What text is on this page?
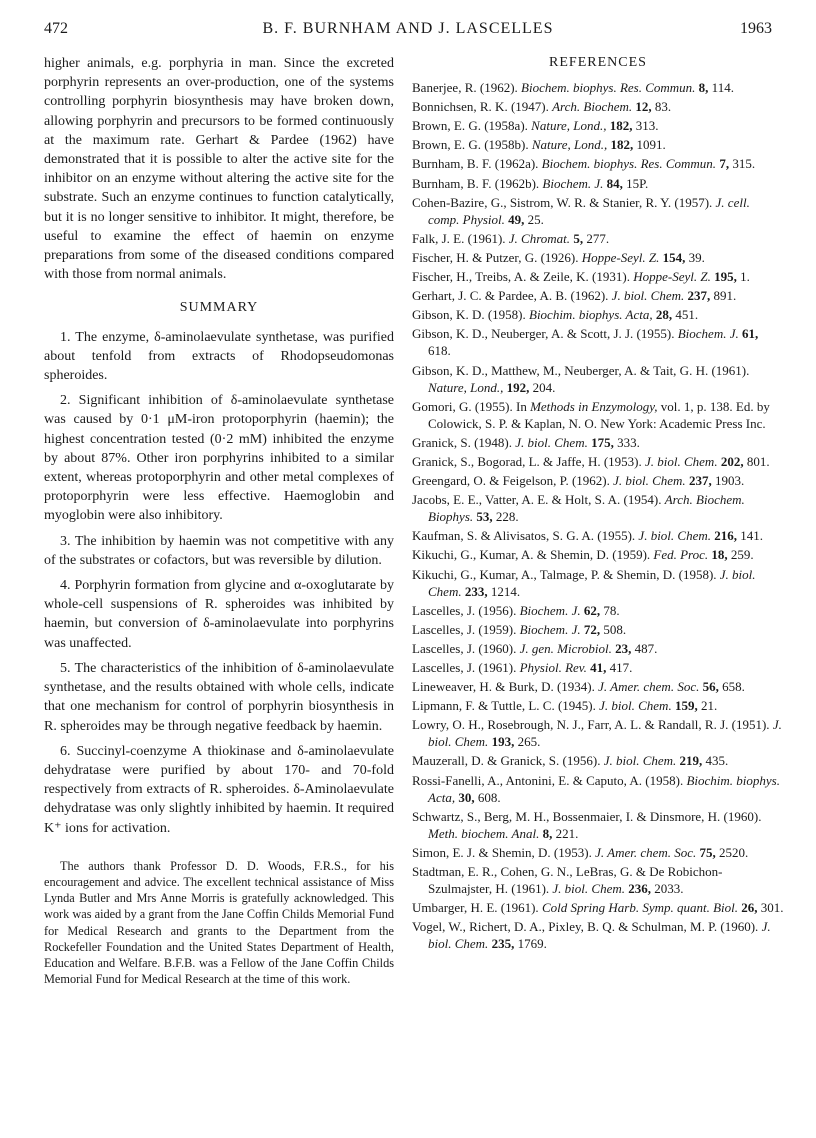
472	B. F. BURNHAM AND J. LASCELLES	1963

higher animals, e.g. porphyria in man. Since the excreted porphyrin represents an over-production, one of the systems controlling porphyrin biosynthesis may have broken down, allowing porphyrin and precursors to be formed continuously at the maximum rate. Gerhart & Pardee (1962) have demonstrated that it is possible to alter the active site for the inhibitor on an enzyme without altering the active site for the substrate. Such an enzyme continues to function catalytically, but it is no longer sensitive to inhibitor. It might, therefore, be useful to examine the effect of haemin on enzyme preparations from some of the diseased conditions compared with those from normal animals.

SUMMARY

1. The enzyme, δ-aminolaevulate synthetase, was purified about tenfold from extracts of Rhodopseudomonas spheroides.

2. Significant inhibition of δ-aminolaevulate synthetase was caused by 0·1 μM-iron protoporphyrin (haemin); the highest concentration tested (0·2 mM) inhibited the enzyme by about 87%. Other iron porphyrins inhibited to a similar extent, whereas protoporphyrin and other metal complexes of protoporphyrin were less effective. Haemoglobin and myoglobin were also inhibitory.

3. The inhibition by haemin was not competitive with any of the substrates or cofactors, but was reversible by dilution.

4. Porphyrin formation from glycine and α-oxoglutarate by whole-cell suspensions of R. spheroides was inhibited by haemin, but conversion of δ-aminolaevulate into porphyrins was unaffected.

5. The characteristics of the inhibition of δ-aminolaevulate synthetase, and the results obtained with whole cells, indicate that one mechanism for control of porphyrin biosynthesis in R. spheroides may be through negative feedback by haemin.

6. Succinyl-coenzyme A thiokinase and δ-aminolaevulate dehydratase were purified by about 170- and 70-fold respectively from extracts of R. spheroides. δ-Aminolaevulate dehydratase was only slightly inhibited by haemin. It required K⁺ ions for activation.

The authors thank Professor D. D. Woods, F.R.S., for his encouragement and advice. The excellent technical assistance of Miss Lynda Butler and Mrs Anne Morris is gratefully acknowledged. This work was aided by a grant from the Jane Coffin Childs Memorial Fund for Medical Research and grants to the Department from the Rockefeller Foundation and the United States Department of Health, Education and Welfare. B.F.B. was a Fellow of the Jane Coffin Childs Memorial Fund for Medical Research at the time of this work.

REFERENCES

Banerjee, R. (1962). Biochem. biophys. Res. Commun. 8, 114.

Bonnichsen, R. K. (1947). Arch. Biochem. 12, 83.

Brown, E. G. (1958a). Nature, Lond., 182, 313.

Brown, E. G. (1958b). Nature, Lond., 182, 1091.

Burnham, B. F. (1962a). Biochem. biophys. Res. Commun. 7, 315.

Burnham, B. F. (1962b). Biochem. J. 84, 15P.

Cohen-Bazire, G., Sistrom, W. R. & Stanier, R. Y. (1957). J. cell. comp. Physiol. 49, 25.

Falk, J. E. (1961). J. Chromat. 5, 277.

Fischer, H. & Putzer, G. (1926). Hoppe-Seyl. Z. 154, 39.

Fischer, H., Treibs, A. & Zeile, K. (1931). Hoppe-Seyl. Z. 195, 1.

Gerhart, J. C. & Pardee, A. B. (1962). J. biol. Chem. 237, 891.

Gibson, K. D. (1958). Biochim. biophys. Acta, 28, 451.

Gibson, K. D., Neuberger, A. & Scott, J. J. (1955). Biochem. J. 61, 618.

Gibson, K. D., Matthew, M., Neuberger, A. & Tait, G. H. (1961). Nature, Lond., 192, 204.

Gomori, G. (1955). In Methods in Enzymology, vol. 1, p. 138. Ed. by Colowick, S. P. & Kaplan, N. O. New York: Academic Press Inc.

Granick, S. (1948). J. biol. Chem. 175, 333.

Granick, S., Bogorad, L. & Jaffe, H. (1953). J. biol. Chem. 202, 801.

Greengard, O. & Feigelson, P. (1962). J. biol. Chem. 237, 1903.

Jacobs, E. E., Vatter, A. E. & Holt, S. A. (1954). Arch. Biochem. Biophys. 53, 228.

Kaufman, S. & Alivisatos, S. G. A. (1955). J. biol. Chem. 216, 141.

Kikuchi, G., Kumar, A. & Shemin, D. (1959). Fed. Proc. 18, 259.

Kikuchi, G., Kumar, A., Talmage, P. & Shemin, D. (1958). J. biol. Chem. 233, 1214.

Lascelles, J. (1956). Biochem. J. 62, 78.

Lascelles, J. (1959). Biochem. J. 72, 508.

Lascelles, J. (1960). J. gen. Microbiol. 23, 487.

Lascelles, J. (1961). Physiol. Rev. 41, 417.

Lineweaver, H. & Burk, D. (1934). J. Amer. chem. Soc. 56, 658.

Lipmann, F. & Tuttle, L. C. (1945). J. biol. Chem. 159, 21.

Lowry, O. H., Rosebrough, N. J., Farr, A. L. & Randall, R. J. (1951). J. biol. Chem. 193, 265.

Mauzerall, D. & Granick, S. (1956). J. biol. Chem. 219, 435.

Rossi-Fanelli, A., Antonini, E. & Caputo, A. (1958). Biochim. biophys. Acta, 30, 608.

Schwartz, S., Berg, M. H., Bossenmaier, I. & Dinsmore, H. (1960). Meth. biochem. Anal. 8, 221.

Simon, E. J. & Shemin, D. (1953). J. Amer. chem. Soc. 75, 2520.

Stadtman, E. R., Cohen, G. N., LeBras, G. & De Robichon-Szulmajster, H. (1961). J. biol. Chem. 236, 2033.

Umbarger, H. E. (1961). Cold Spring Harb. Symp. quant. Biol. 26, 301.

Vogel, W., Richert, D. A., Pixley, B. Q. & Schulman, M. P. (1960). J. biol. Chem. 235, 1769.
